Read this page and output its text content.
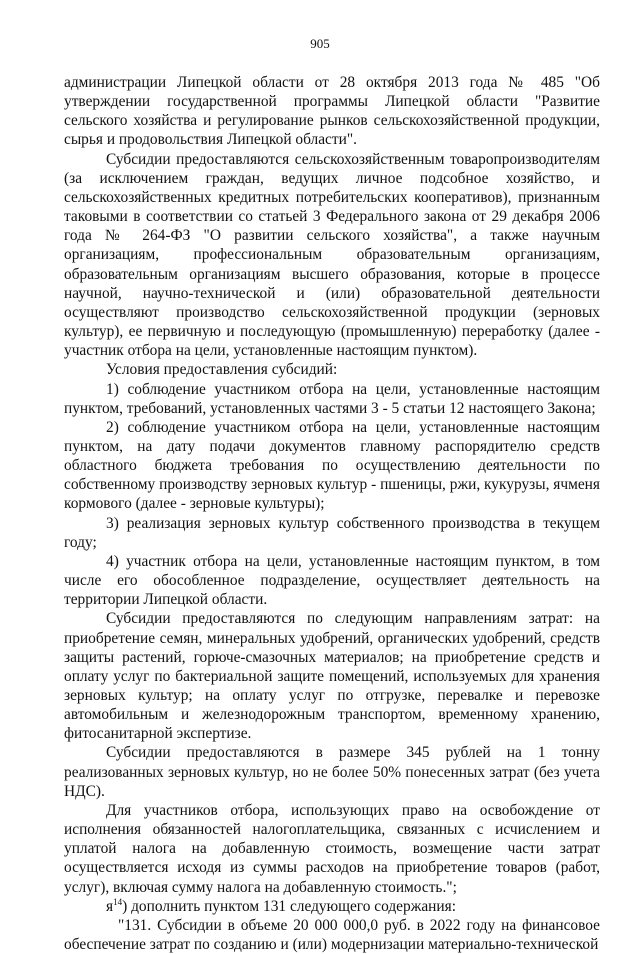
905

администрации Липецкой области от 28 октября 2013 года № 485 "Об утверждении государственной программы Липецкой области "Развитие сельского хозяйства и регулирование рынков сельскохозяйственной продукции, сырья и продовольствия Липецкой области".

Субсидии предоставляются сельскохозяйственным товаропроизводителям (за исключением граждан, ведущих личное подсобное хозяйство, и сельскохозяйственных кредитных потребительских кооперативов), признанным таковыми в соответствии со статьей 3 Федерального закона от 29 декабря 2006 года № 264-ФЗ "О развитии сельского хозяйства", а также научным организациям, профессиональным образовательным организациям, образовательным организациям высшего образования, которые в процессе научной, научно-технической и (или) образовательной деятельности осуществляют производство сельскохозяйственной продукции (зерновых культур), ее первичную и последующую (промышленную) переработку (далее - участник отбора на цели, установленные настоящим пунктом).

Условия предоставления субсидий:

1) соблюдение участником отбора на цели, установленные настоящим пунктом, требований, установленных частями 3 - 5 статьи 12 настоящего Закона;

2) соблюдение участником отбора на цели, установленные настоящим пунктом, на дату подачи документов главному распорядителю средств областного бюджета требования по осуществлению деятельности по собственному производству зерновых культур - пшеницы, ржи, кукурузы, ячменя кормового (далее - зерновые культуры);

3) реализация зерновых культур собственного производства в текущем году;

4) участник отбора на цели, установленные настоящим пунктом, в том числе его обособленное подразделение, осуществляет деятельность на территории Липецкой области.

Субсидии предоставляются по следующим направлениям затрат: на приобретение семян, минеральных удобрений, органических удобрений, средств защиты растений, горюче-смазочных материалов; на приобретение средств и оплату услуг по бактериальной защите помещений, используемых для хранения зерновых культур; на оплату услуг по отгрузке, перевалке и перевозке автомобильным и железнодорожным транспортом, временному хранению, фитосанитарной экспертизе.

Субсидии предоставляются в размере 345 рублей на 1 тонну реализованных зерновых культур, но не более 50% понесенных затрат (без учета НДС).

Для участников отбора, использующих право на освобождение от исполнения обязанностей налогоплательщика, связанных с исчислением и уплатой налога на добавленную стоимость, возмещение части затрат осуществляется исходя из суммы расходов на приобретение товаров (работ, услуг), включая сумму налога на добавленную стоимость.";

$я^{14}$) дополнить пунктом 131 следующего содержания:

"131. Субсидии в объеме 20 000 000,0 руб. в 2022 году на финансовое обеспечение затрат по созданию и (или) модернизации материально-технической
